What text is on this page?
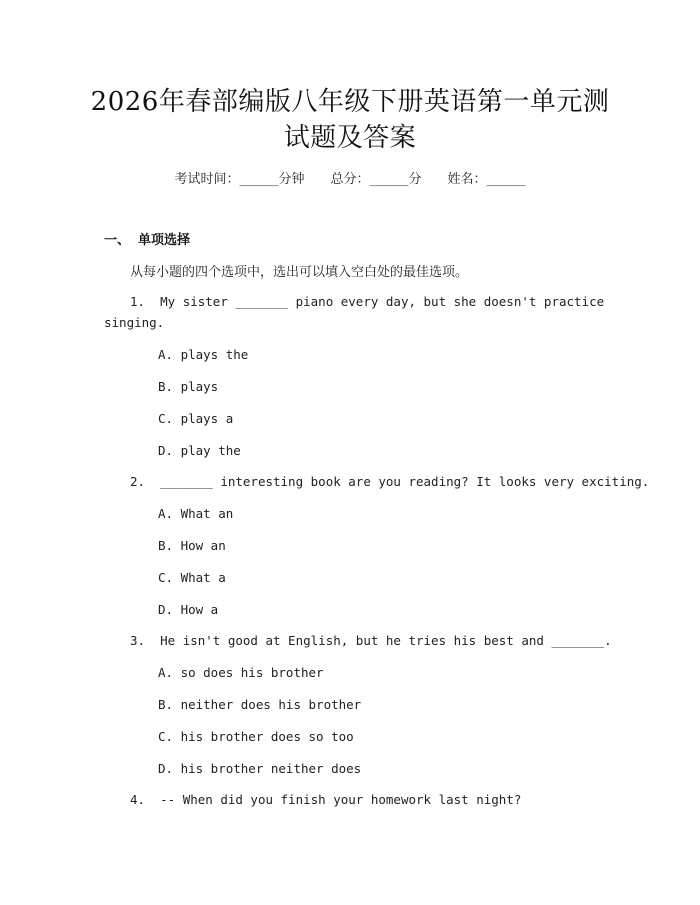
2026年春部编版八年级下册英语第一单元测
试题及答案
考试时间：______分钟 总分：______分 姓名：______
一、 单项选择
从每小题的四个选项中，选出可以填入空白处的最佳选项。
1. My sister _______ piano every day, but she doesn't practice
singing.
A. plays the
B. plays
C. plays a
D. play the
2. _______ interesting book are you reading? It looks very exciting.
A. What an
B. How an
C. What a
D. How a
3. He isn't good at English, but he tries his best and _______.
A. so does his brother
B. neither does his brother
C. his brother does so too
D. his brother neither does
4. -- When did you finish your homework last night?
